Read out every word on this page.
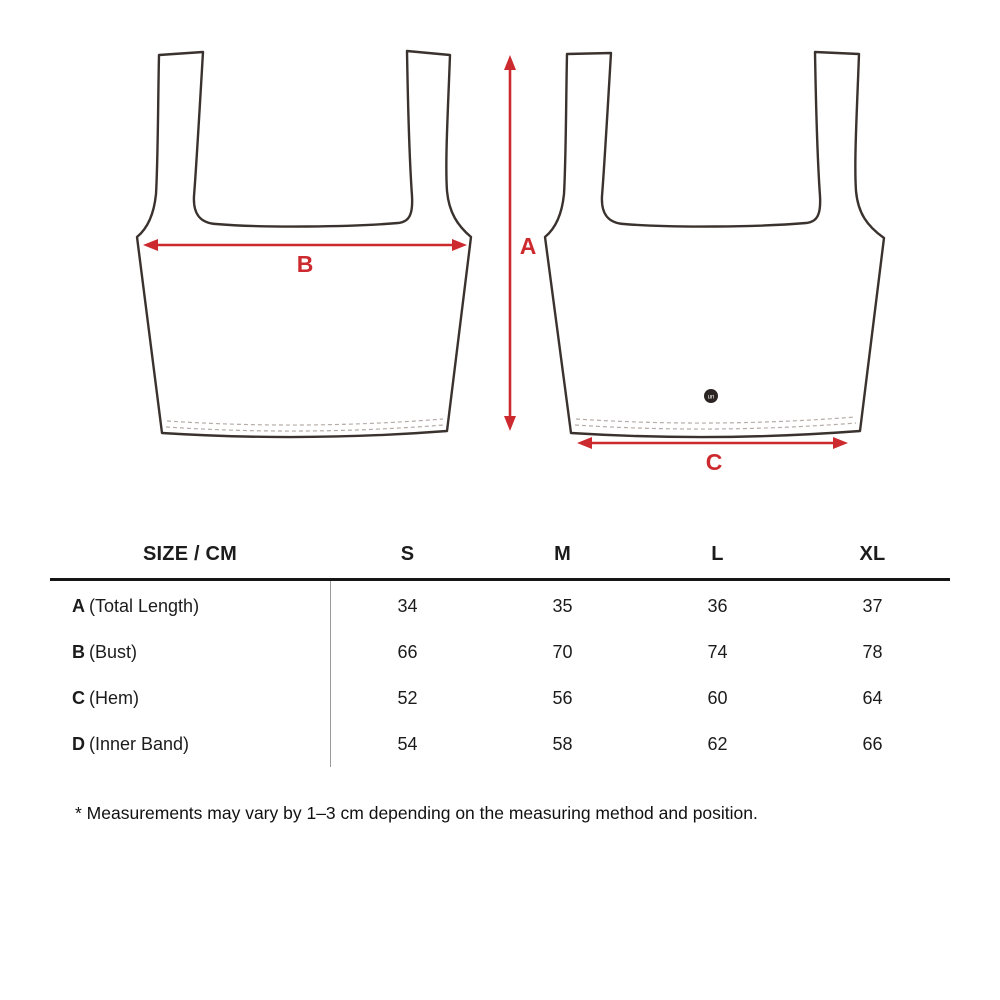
un
B
A
C
SIZE / CM	S	M	L	XL
A (Total Length)	34	35	36	37
B (Bust)	66	70	74	78
C (Hem)	52	56	60	64
D (Inner Band)	54	58	62	66
* Measurements may vary by 1–3 cm depending on the measuring method and position.
